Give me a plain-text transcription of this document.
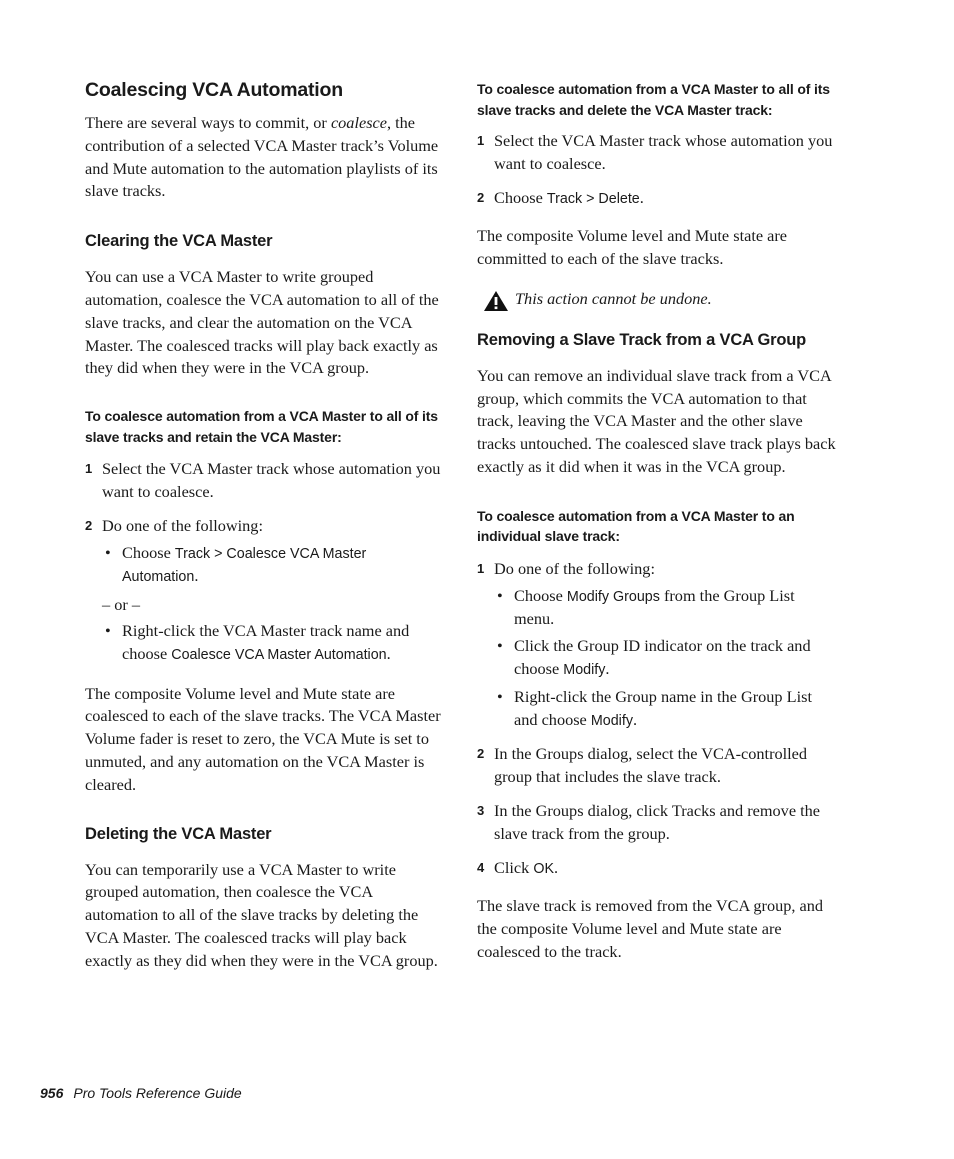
Coalescing VCA Automation

There are several ways to commit, or coalesce, the contribution of a selected VCA Master track’s Volume and Mute automation to the automation playlists of its slave tracks.

Clearing the VCA Master

You can use a VCA Master to write grouped automation, coalesce the VCA automation to all of the slave tracks, and clear the automation on the VCA Master. The coalesced tracks will play back exactly as they did when they were in the VCA group.

To coalesce automation from a VCA Master to all of its slave tracks and retain the VCA Master:

1 Select the VCA Master track whose automation you want to coalesce.
2 Do one of the following:
• Choose Track > Coalesce VCA Master Automation.

– or –

• Right-click the VCA Master track name and choose Coalesce VCA Master Automation.

The composite Volume level and Mute state are coalesced to each of the slave tracks. The VCA Master Volume fader is reset to zero, the VCA Mute is set to unmuted, and any automation on the VCA Master is cleared.

Deleting the VCA Master

You can temporarily use a VCA Master to write grouped automation, then coalesce the VCA automation to all of the slave tracks by deleting the VCA Master. The coalesced tracks will play back exactly as they did when they were in the VCA group.

To coalesce automation from a VCA Master to all of its slave tracks and delete the VCA Master track:

1 Select the VCA Master track whose automation you want to coalesce.
2 Choose Track > Delete.

The composite Volume level and Mute state are committed to each of the slave tracks.

This action cannot be undone.
Removing a Slave Track from a VCA Group

You can remove an individual slave track from a VCA group, which commits the VCA automation to that track, leaving the VCA Master and the other slave tracks untouched. The coalesced slave track plays back exactly as it did when it was in the VCA group.

To coalesce automation from a VCA Master to an individual slave track:

1 Do one of the following:
• Choose Modify Groups from the Group List menu.
• Click the Group ID indicator on the track and choose Modify.
• Right-click the Group name in the Group List and choose Modify.
2 In the Groups dialog, select the VCA-controlled group that includes the slave track.
3 In the Groups dialog, click Tracks and remove the slave track from the group.
4 Click OK.

The slave track is removed from the VCA group, and the composite Volume level and Mute state are coalesced to the track.

956 Pro Tools Reference Guide
